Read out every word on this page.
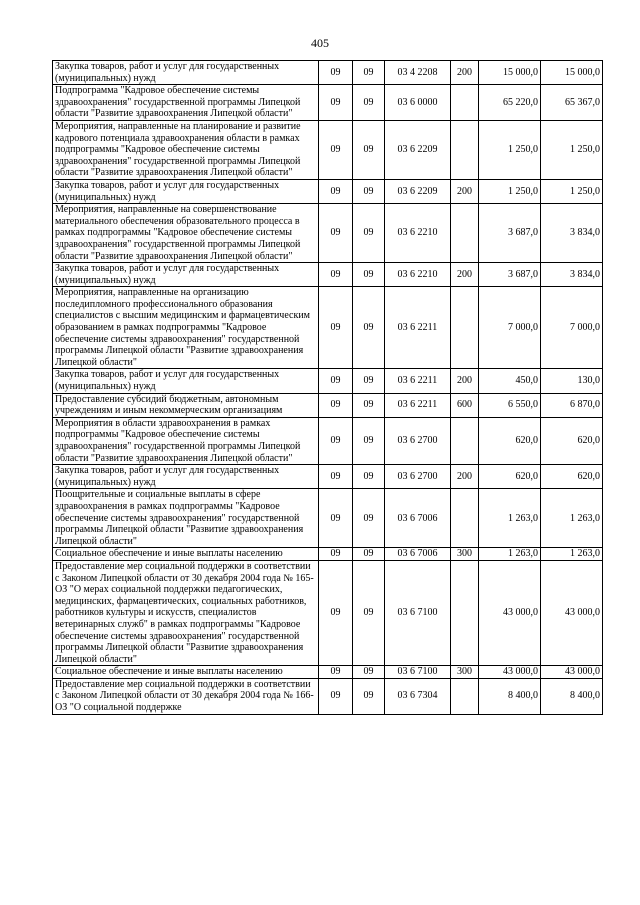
405
Закупка товаров, работ и услуг для государственных (муниципальных) нужд	09	09	03 4 2208	200	15 000,0	15 000,0
Подпрограмма "Кадровое обеспечение системы здравоохранения" государственной программы Липецкой области "Развитие здравоохранения Липецкой области"	09	09	03 6 0000		65 220,0	65 367,0
Мероприятия, направленные на планирование и развитие кадрового потенциала здравоохранения области в рамках подпрограммы "Кадровое обеспечение системы здравоохранения" государственной программы Липецкой области "Развитие здравоохранения Липецкой области"	09	09	03 6 2209		1 250,0	1 250,0
Закупка товаров, работ и услуг для государственных (муниципальных) нужд	09	09	03 6 2209	200	1 250,0	1 250,0
Мероприятия, направленные на совершенствование материального обеспечения образовательного процесса в рамках подпрограммы "Кадровое обеспечение системы здравоохранения" государственной программы Липецкой области "Развитие здравоохранения Липецкой области"	09	09	03 6 2210		3 687,0	3 834,0
Закупка товаров, работ и услуг для государственных (муниципальных) нужд	09	09	03 6 2210	200	3 687,0	3 834,0
Мероприятия, направленные на организацию последипломного профессионального образования специалистов с высшим медицинским и фармацевтическим образованием в рамках подпрограммы "Кадровое обеспечение системы здравоохранения" государственной программы Липецкой области "Развитие здравоохранения Липецкой области"	09	09	03 6 2211		7 000,0	7 000,0
Закупка товаров, работ и услуг для государственных (муниципальных) нужд	09	09	03 6 2211	200	450,0	130,0
Предоставление субсидий бюджетным, автономным учреждениям и иным некоммерческим организациям	09	09	03 6 2211	600	6 550,0	6 870,0
Мероприятия в области здравоохранения в рамках подпрограммы "Кадровое обеспечение системы здравоохранения" государственной программы Липецкой области "Развитие здравоохранения Липецкой области"	09	09	03 6 2700		620,0	620,0
Закупка товаров, работ и услуг для государственных (муниципальных) нужд	09	09	03 6 2700	200	620,0	620,0
Поощрительные и социальные выплаты в сфере здравоохранения в рамках подпрограммы "Кадровое обеспечение системы здравоохранения" государственной программы Липецкой области "Развитие здравоохранения Липецкой области"	09	09	03 6 7006		1 263,0	1 263,0
Социальное обеспечение и иные выплаты населению	09	09	03 6 7006	300	1 263,0	1 263,0
Предоставление мер социальной поддержки в соответствии с Законом Липецкой области от 30 декабря 2004 года № 165-ОЗ "О мерах социальной поддержки педагогических, медицинских, фармацевтических, социальных работников, работников культуры и искусств, специалистов ветеринарных служб" в рамках подпрограммы "Кадровое обеспечение системы здравоохранения" государственной программы Липецкой области "Развитие здравоохранения Липецкой области"	09	09	03 6 7100		43 000,0	43 000,0
Социальное обеспечение и иные выплаты населению	09	09	03 6 7100	300	43 000,0	43 000,0
Предоставление мер социальной поддержки в соответствии с Законом Липецкой области от 30 декабря 2004 года № 166-ОЗ "О социальной поддержке	09	09	03 6 7304		8 400,0	8 400,0
